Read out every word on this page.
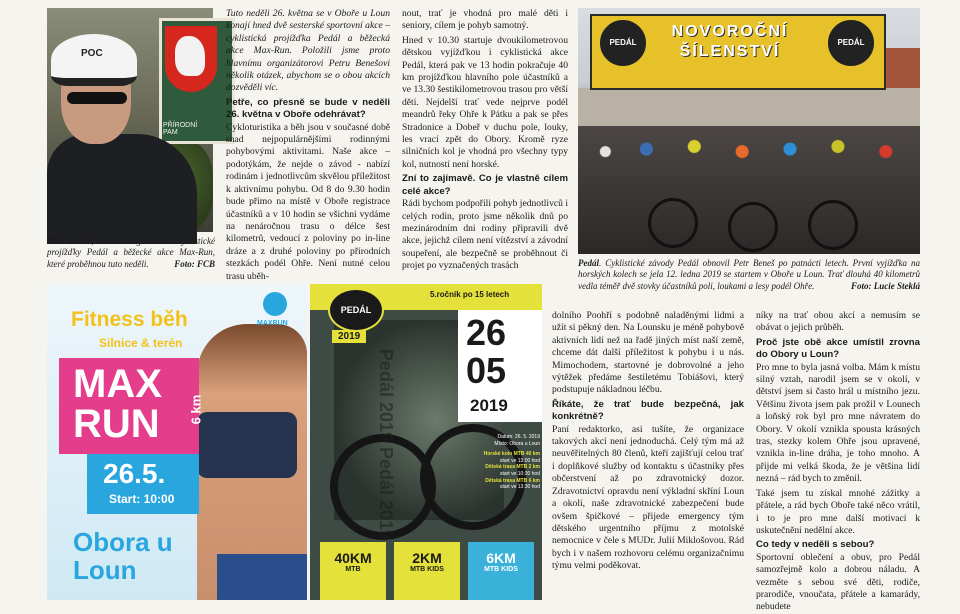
PŘÍRODNÍ PAM
POC
Petr Beneš, hlavní organizátor cyklistické projížďky Pedál a běžecké akce Max-Run, které proběhnou tuto neděli.	Foto: FCB

Tuto neděli 26. května se v Oboře u Loun konají hned dvě sesterské sportovní akce – cyklistická projížďka Pedál a běžecká akce Max-Run. Položili jsme proto hlavnímu organizátorovi Petru Benešovi několik otázek, abychom se o obou akcích dozvěděli víc.

Petře, co přesně se bude v neděli 26. května v Oboře odehrávat?

Cykloturistika a běh jsou v současné době snad nejpopulárnějšími rodinnými pohybovými aktivitami. Naše akce – podotýkám, že nejde o závod - nabízí rodinám i jednotlivcům skvělou příležitost k aktivnímu pohybu. Od 8 do 9.30 hodin bude přímo na místě v Oboře registrace účastníků a v 10 hodin se všichni vydáme na nenáročnou trasu o délce šest kilometrů, vedoucí z poloviny po in-line dráze a z druhé poloviny po přírodních stezkách podél Ohře. Není nutné celou trasu uběh-

nout, trať je vhodná pro malé děti i seniory, cílem je pohyb samotný.

Hned v 10.30 startuje dvoukilometrovou dětskou vyjížďkou i cyklistická akce Pedál, která pak ve 13 hodin pokračuje 40 km projížďkou hlavního pole účastníků a ve 13.30 šestikilometrovou trasou pro větší děti. Nejdelší trať vede nejprve podél meandrů řeky Ohře k Pátku a pak se přes Stradonice a Dobeř v duchu pole, louky, les vrací zpět do Obory. Kromě ryze silničních kol je vhodná pro všechny typy kol, nutností není horské.

Zní to zajímavě. Co je vlastně cílem celé akce?

Rádi bychom podpořili pohyb jednotlivců i celých rodin, proto jsme několik dnů po mezinárodním dni rodiny připravili dvě akce, jejichž cílem není vítězství a závodní soupeření, ale bezpečně se proběhnout či projet po vyznačených trasách

PEDÁL	PEDÁL
NOVOROČNÍ
ŠÍLENSTVÍ
Pedál. Cyklistické závody Pedál obnovil Petr Beneš po patnácti letech. První vyjížďka na horských kolech se jela 12. ledna 2019 se startem v Oboře u Loun. Trať dlouhá 40 kilometrů vedla téměř dvě stovky účastníků poli, loukami a lesy podél Ohře.	Foto: Lucie Steklá
MAXRUN
Fitness běh
Silnice & terén
MAX RUN	6 km
26.5.
Start: 10:00
Obora u Loun
Pedál 2019 Pedál 2019
PEDÁL
2019
5.ročník po 15 letech
26
05
2019
Datum: 26. 5. 2019
Místo: Obora u Loun
Horské kolo MTB 40 km
start ve 13:00 hod
Dětská trasa MTB 2 km
start ve 10:30 hod
Dětská trasa MTB 6 km
start ve 13:30 hod
40KM
MTB
2KM
MTB KIDS
6KM
MTB KIDS

dolního Poohří s podobně naladěnými lidmi a užít si pěkný den. Na Lounsku je méně pohybově aktivních lidí než na řadě jiných míst naší země, chceme dát další příležitost k pohybu i u nás. Mimochodem, startovné je dobrovolné a jeho výtěžek předáme šestiletému Tobiášovi, který podstupuje nákladnou léčbu.

Říkáte, že trať bude bezpečná, jak konkrétně?

Paní redaktorko, asi tušíte, že organizace takových akcí není jednoduchá. Celý tým má až neuvěřitelných 80 členů, kteří zajišťují celou trať i doplňkové služby od kontaktu s účastníky přes občerstvení až po zdravotnický dozor. Zdravotnictví opravdu není výkladní skříní Loun a okolí, naše zdravotnické zabezpečení bude ovšem špičkové – přijede emergency tým dětského urgentního příjmu z motolské nemocnice v čele s MUDr. Julií Miklošovou. Rád bych i v našem rozhovoru celému organizačnímu týmu velmi poděkovat.

níky na trať obou akcí a nemusím se obávat o jejich průběh.

Proč jste obě akce umístil zrovna do Obory u Loun?

Pro mne to byla jasná volba. Mám k místu silný vztah, narodil jsem se v okolí, v dětství jsem si často hrál u místního jezu. Většinu života jsem pak prožil v Lounech a loňský rok byl pro mne návratem do Obory. V okolí vznikla spousta krásných tras, stezky kolem Ohře jsou upravené, vznikla in-line dráha, je toho mnoho. A přijde mi velká škoda, že je většina lidí nezná – rád bych to změnil.

Také jsem tu získal mnohé zážitky a přátele, a rád bych Oboře také něco vrátil, i to je pro mne další motivací k uskutečnění nedělní akce.

Co tedy v neděli s sebou?

Sportovní oblečení a obuv, pro Pedál samozřejmě kolo a dobrou náladu. A vezměte s sebou své děti, rodiče, prarodiče, vnoučata, přátele a kamarády, nebudete
